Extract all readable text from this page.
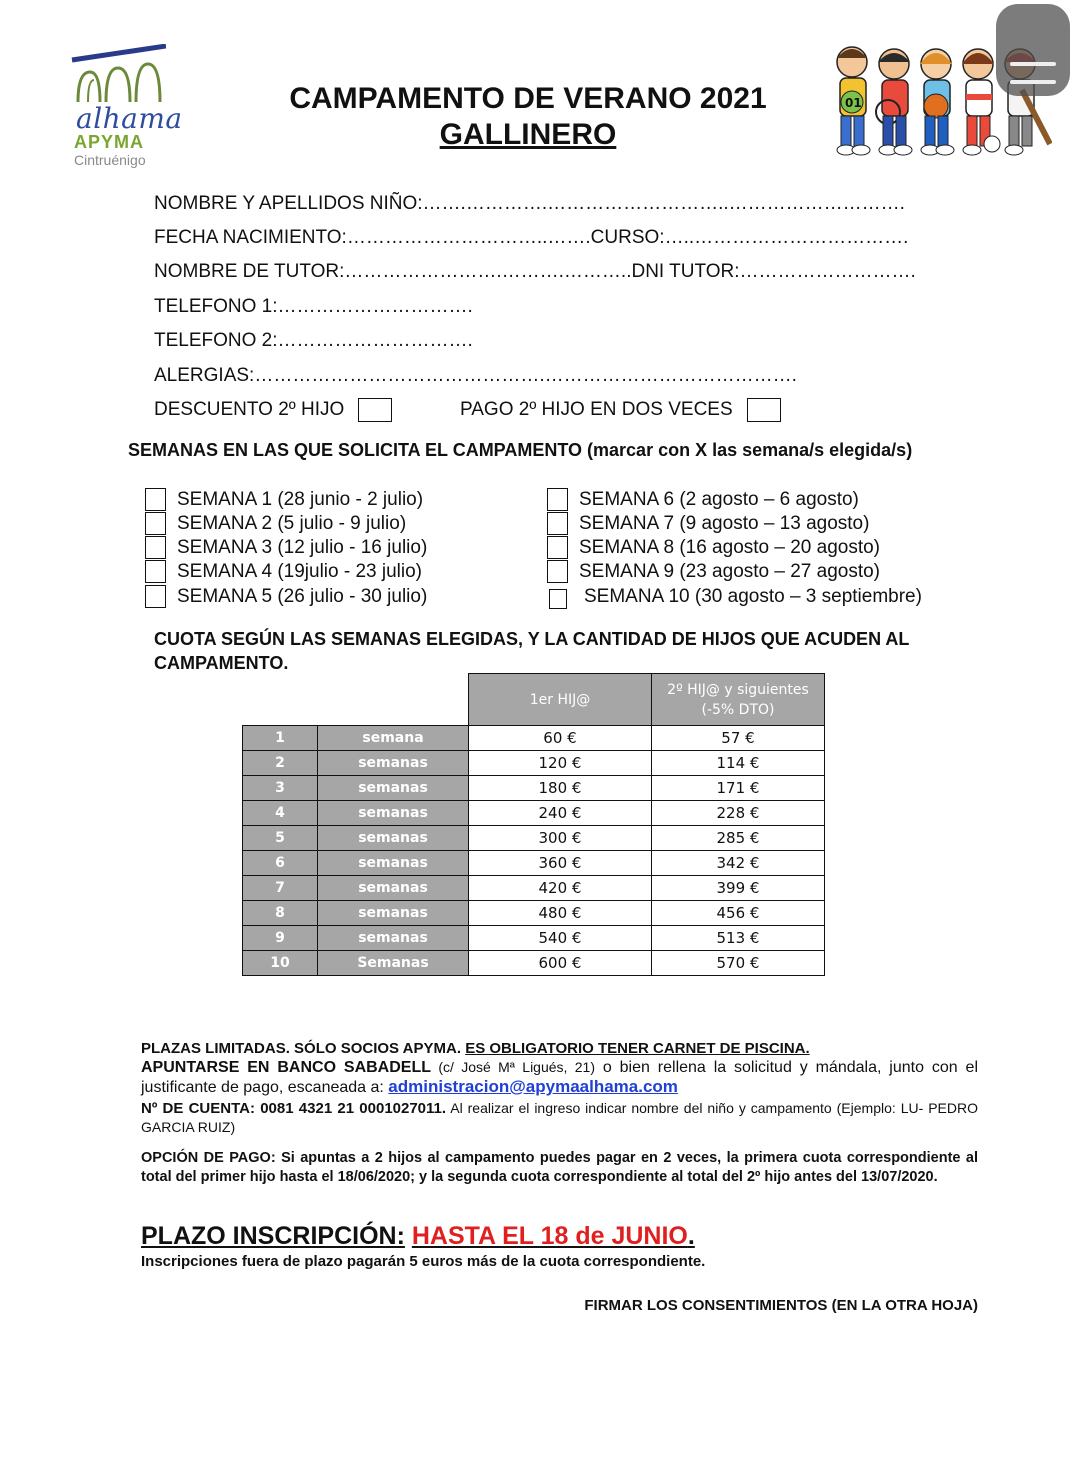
alhama
APYMA
Cintruénigo
CAMPAMENTO DE VERANO 2021
GALLINERO
01
NOMBRE Y APELLIDOS NIÑO:…….………….………………………..……………………….
FECHA NACIMIENTO:…………………………..…….CURSO:…..…………………………….
NOMBRE DE TUTOR:…………………….……….………..DNI TUTOR:……………………….
TELEFONO 1:………………………….
TELEFONO 2:………………………….
ALERGIAS:……………………………………….………………………………….
DESCUENTO 2º HIJO	PAGO 2º HIJO EN DOS VECES
SEMANAS EN LAS QUE SOLICITA EL CAMPAMENTO (marcar con X las semana/s elegida/s)
SEMANA 1 (28 junio - 2 julio)
SEMANA 2 (5 julio - 9 julio)
SEMANA 3 (12 julio - 16 julio)
SEMANA 4 (19julio - 23 julio)
SEMANA 5 (26 julio - 30 julio)
SEMANA 6 (2 agosto – 6 agosto)
SEMANA 7 (9 agosto – 13 agosto)
SEMANA 8 (16 agosto – 20 agosto)
SEMANA 9 (23 agosto – 27 agosto)
SEMANA 10 (30 agosto – 3 septiembre)
CUOTA SEGÚN LAS SEMANAS ELEGIDAS, Y LA CANTIDAD DE HIJOS QUE ACUDEN AL CAMPAMENTO.
		1er HIJ@	2º HIJ@ y siguientes
(-5% DTO)
1	semana	60 €	57 €
2	semanas	120 €	114 €
3	semanas	180 €	171 €
4	semanas	240 €	228 €
5	semanas	300 €	285 €
6	semanas	360 €	342 €
7	semanas	420 €	399 €
8	semanas	480 €	456 €
9	semanas	540 €	513 €
10	Semanas	600 €	570 €
PLAZAS LIMITADAS. SÓLO SOCIOS APYMA. ES OBLIGATORIO TENER CARNET DE PISCINA.
APUNTARSE EN BANCO SABADELL (c/ José Mª Ligués, 21) o bien rellena la solicitud y mándala, junto con el justificante de pago, escaneada a: administracion@apymaalhama.com
Nº DE CUENTA: 0081 4321 21 0001027011. Al realizar el ingreso indicar nombre del niño y campamento (Ejemplo: LU- PEDRO GARCIA RUIZ)
OPCIÓN DE PAGO: Si apuntas a 2 hijos al campamento puedes pagar en 2 veces, la primera cuota correspondiente al total del primer hijo hasta el 18/06/2020; y la segunda cuota correspondiente al total del 2º hijo antes del 13/07/2020.
PLAZO INSCRIPCIÓN: HASTA EL 18 de JUNIO.
Inscripciones fuera de plazo pagarán 5 euros más de la cuota correspondiente.
FIRMAR LOS CONSENTIMIENTOS (EN LA OTRA HOJA)
